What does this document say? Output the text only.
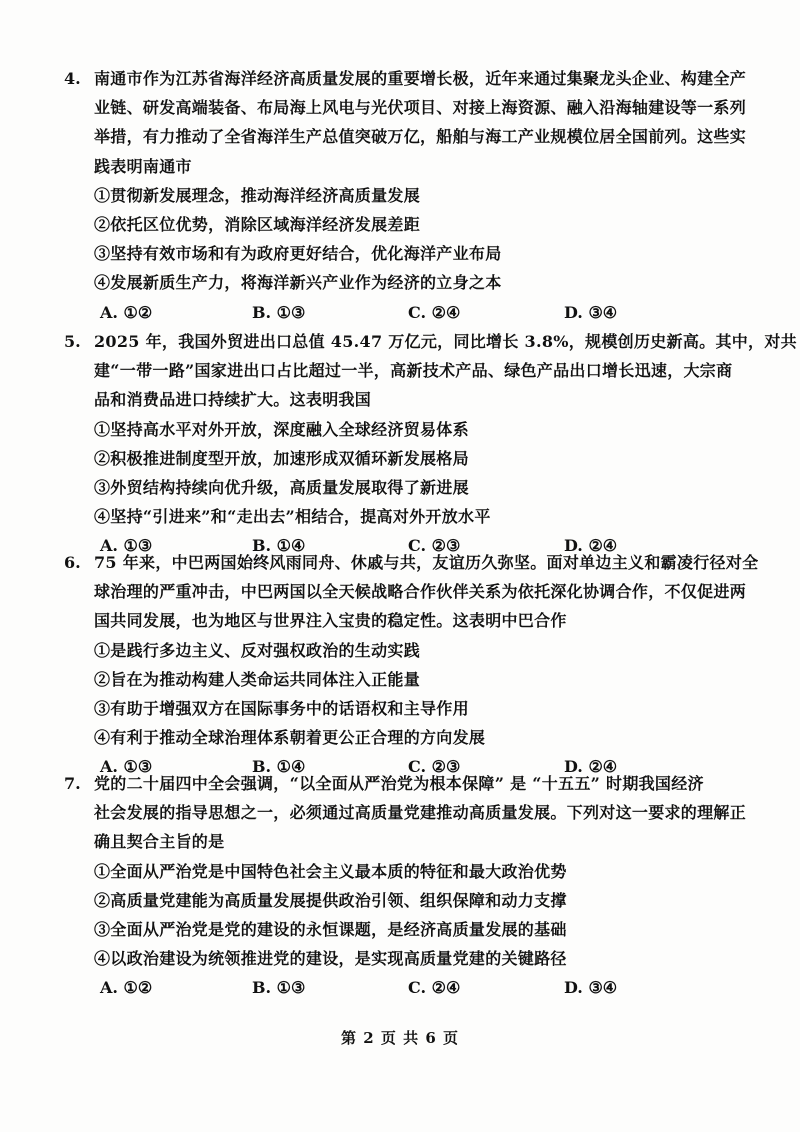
4. 南通市作为江苏省海洋经济高质量发展的重要增长极，近年来通过集聚龙头企业、构建全产
业链、研发高端装备、布局海上风电与光伏项目、对接上海资源、融入沿海轴建设等一系列
举措，有力推动了全省海洋生产总值突破万亿，船舶与海工产业规模位居全国前列。这些实
践表明南通市
①贯彻新发展理念，推动海洋经济高质量发展
②依托区位优势，消除区域海洋经济发展差距
③坚持有效市场和有为政府更好结合，优化海洋产业布局
④发展新质生产力，将海洋新兴产业作为经济的立身之本
A. ①②	B. ①③	C. ②④	D. ③④
5. 2025 年，我国外贸进出口总值 45.47 万亿元，同比增长 3.8%，规模创历史新高。其中，对共
建“一带一路”国家进出口占比超过一半，高新技术产品、绿色产品出口增长迅速，大宗商
品和消费品进口持续扩大。这表明我国
①坚持高水平对外开放，深度融入全球经济贸易体系
②积极推进制度型开放，加速形成双循环新发展格局
③外贸结构持续向优升级，高质量发展取得了新进展
④坚持“引进来”和“走出去”相结合，提高对外开放水平
A. ①③	B. ①④	C. ②③	D. ②④
6. 75 年来，中巴两国始终风雨同舟、休戚与共，友谊历久弥坚。面对单边主义和霸凌行径对全
球治理的严重冲击，中巴两国以全天候战略合作伙伴关系为依托深化协调合作，不仅促进两
国共同发展，也为地区与世界注入宝贵的稳定性。这表明中巴合作
①是践行多边主义、反对强权政治的生动实践
②旨在为推动构建人类命运共同体注入正能量
③有助于增强双方在国际事务中的话语权和主导作用
④有利于推动全球治理体系朝着更公正合理的方向发展
A. ①③	B. ①④	C. ②③	D. ②④
7. 党的二十届四中全会强调，“以全面从严治党为根本保障” 是 “十五五” 时期我国经济
社会发展的指导思想之一，必须通过高质量党建推动高质量发展。下列对这一要求的理解正
确且契合主旨的是
①全面从严治党是中国特色社会主义最本质的特征和最大政治优势
②高质量党建能为高质量发展提供政治引领、组织保障和动力支撑
③全面从严治党是党的建设的永恒课题，是经济高质量发展的基础
④以政治建设为统领推进党的建设，是实现高质量党建的关键路径
A. ①②	B. ①③	C. ②④	D. ③④
第 2 页 共 6 页
